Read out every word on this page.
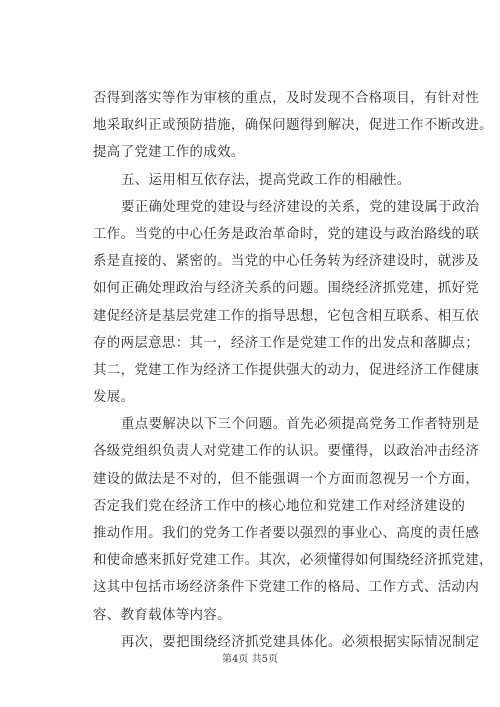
否得到落实等作为审核的重点，及时发现不合格项目，有针对性
地采取纠正或预防措施，确保问题得到解决，促进工作不断改进。
提高了党建工作的成效。
五、运用相互依存法，提高党政工作的相融性。
要正确处理党的建设与经济建设的关系，党的建设属于政治
工作。当党的中心任务是政治革命时，党的建设与政治路线的联
系是直接的、紧密的。当党的中心任务转为经济建设时，就涉及
如何正确处理政治与经济关系的问题。围绕经济抓党建，抓好党
建促经济是基层党建工作的指导思想，它包含相互联系、相互依
存的两层意思：其一，经济工作是党建工作的出发点和落脚点；
其二，党建工作为经济工作提供强大的动力，促进经济工作健康
发展。
重点要解决以下三个问题。首先必须提高党务工作者特别是
各级党组织负责人对党建工作的认识。要懂得，以政治冲击经济
建设的做法是不对的，但不能强调一个方面而忽视另一个方面，
否定我们党在经济工作中的核心地位和党建工作对经济建设的
推动作用。我们的党务工作者要以强烈的事业心、高度的责任感
和使命感来抓好党建工作。其次，必须懂得如何围绕经济抓党建，
这其中包括市场经济条件下党建工作的格局、工作方式、活动内
容、教育载体等内容。
再次，要把围绕经济抓党建具体化。必须根据实际情况制定
第4页 共5页
